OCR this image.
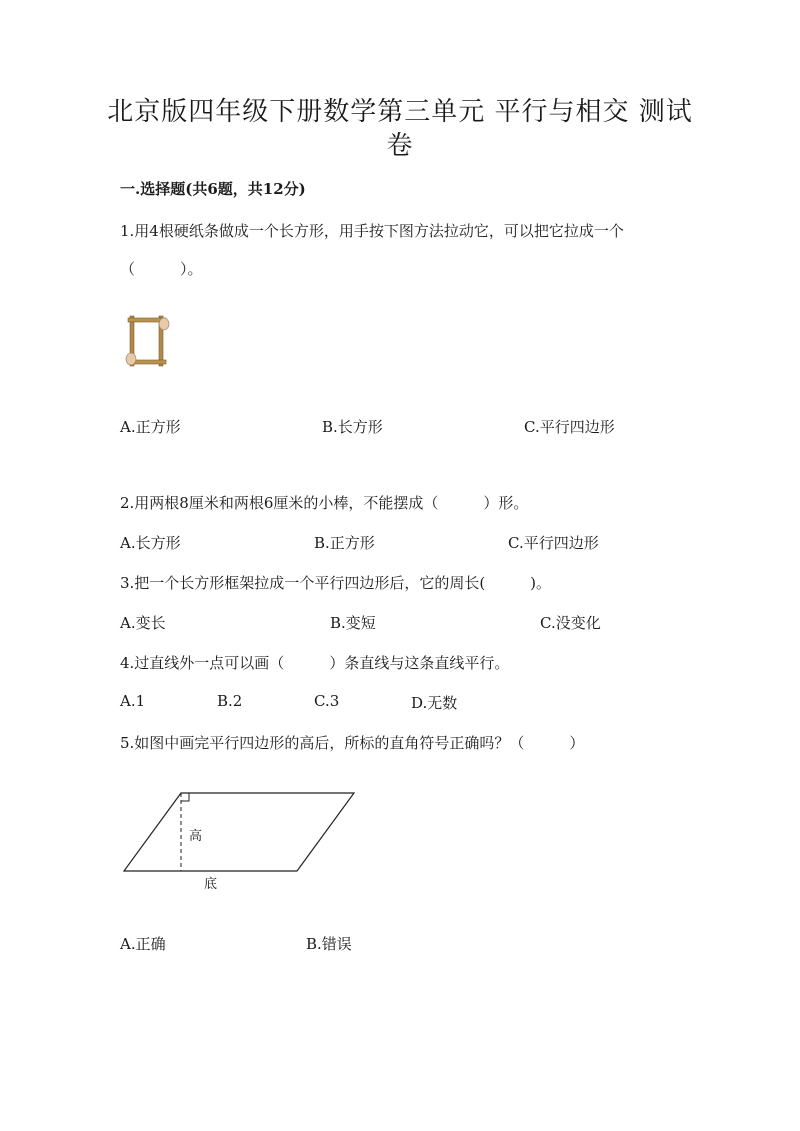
北京版四年级下册数学第三单元 平行与相交 测试
卷
一.选择题(共6题，共12分)
1.用4根硬纸条做成一个长方形，用手按下图方法拉动它，可以把它拉成一个
（　　　）。
A.正方形	B.长方形	C.平行四边形
2.用两根8厘米和两根6厘米的小棒，不能摆成（　　　）形。
A.长方形	B.正方形	C.平行四边形
3.把一个长方形框架拉成一个平行四边形后，它的周长(　　　)。
A.变长	B.变短	C.没变化
4.过直线外一点可以画（　　　）条直线与这条直线平行。
A.1	B.2	C.3	D.无数
5.如图中画完平行四边形的高后，所标的直角符号正确吗？（　　　）
高
底
A.正确	B.错误
